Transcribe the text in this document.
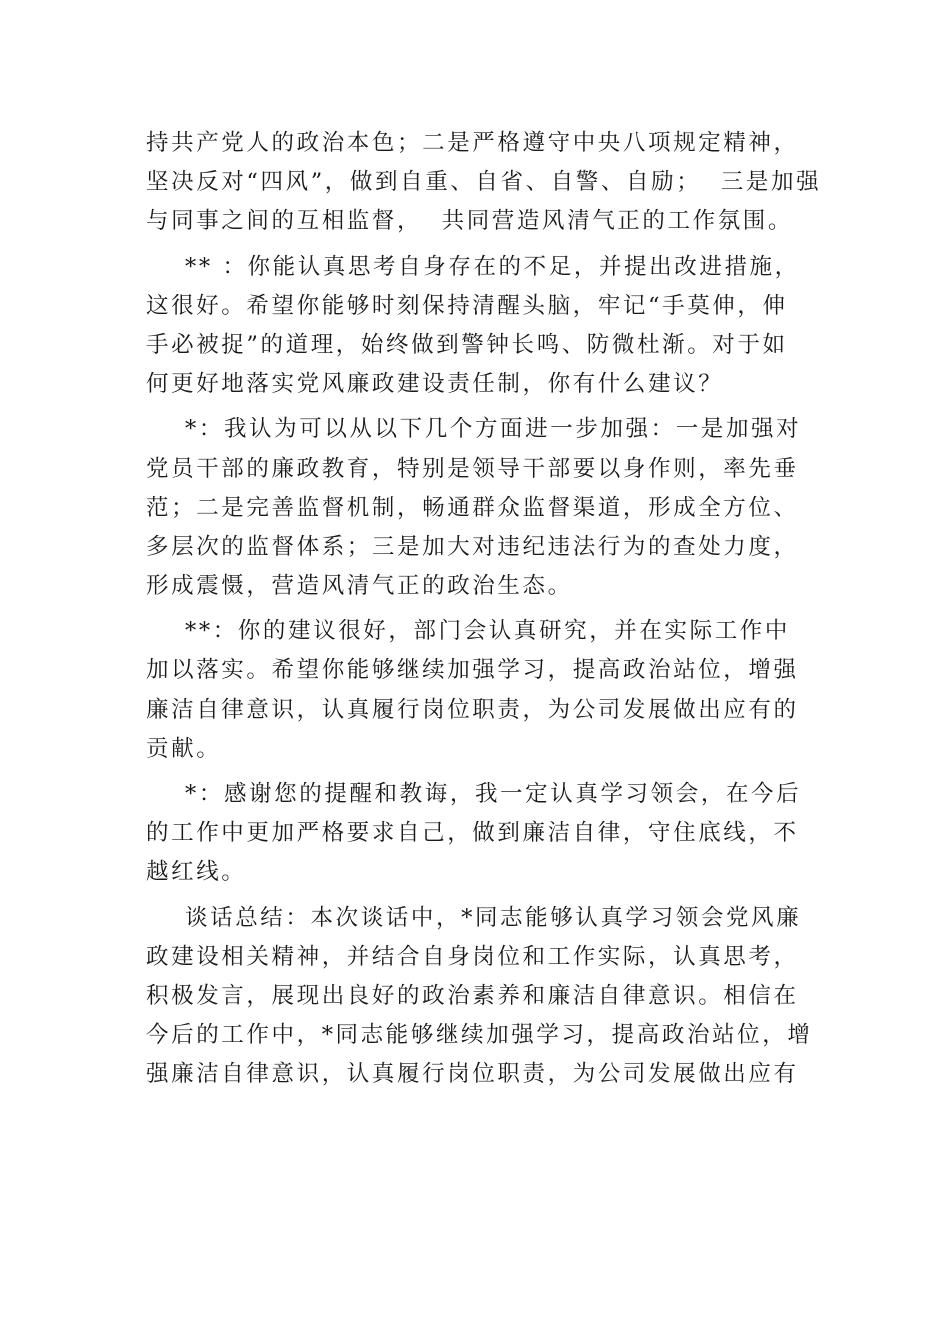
持共产党人的政治本色；二是严格遵守中央八项规定精神，
坚决反对“四风”，做到自重、自省、自警、自励；  三是加强
与同事之间的互相监督，  共同营造风清气正的工作氛围。
** ：你能认真思考自身存在的不足，并提出改进措施，
这很好。希望你能够时刻保持清醒头脑，牢记“手莫伸，伸
手必被捉”的道理，始终做到警钟长鸣、防微杜渐。对于如
何更好地落实党风廉政建设责任制，你有什么建议？
*：我认为可以从以下几个方面进一步加强：一是加强对
党员干部的廉政教育，特别是领导干部要以身作则，率先垂
范；二是完善监督机制，畅通群众监督渠道，形成全方位、
多层次的监督体系；三是加大对违纪违法行为的查处力度，
形成震慑，营造风清气正的政治生态。
**：你的建议很好，部门会认真研究，并在实际工作中
加以落实。希望你能够继续加强学习，提高政治站位，增强
廉洁自律意识，认真履行岗位职责，为公司发展做出应有的
贡献。
*：感谢您的提醒和教诲，我一定认真学习领会，在今后
的工作中更加严格要求自己，做到廉洁自律，守住底线，不
越红线。
谈话总结：本次谈话中，*同志能够认真学习领会党风廉
政建设相关精神，并结合自身岗位和工作实际，认真思考，
积极发言，展现出良好的政治素养和廉洁自律意识。相信在
今后的工作中，*同志能够继续加强学习，提高政治站位，增
强廉洁自律意识，认真履行岗位职责，为公司发展做出应有
